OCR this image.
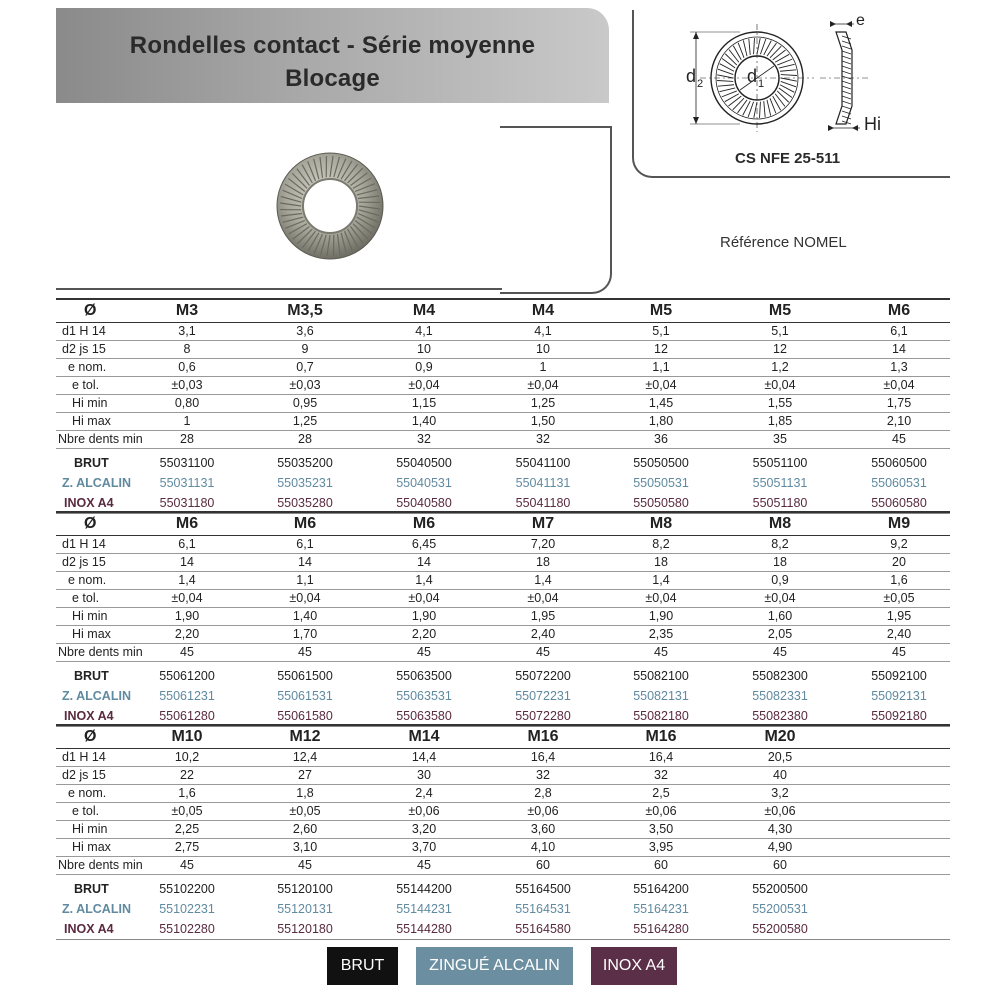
Rondelles contact - Série moyenne
Blocage	d 2 d 1
e
Hi
CS NFE 25-511
Référence NOMEL
Ø	M3	M3,5	M4	M4	M5	M5	M6
d1 H 14	3,1	3,6	4,1	4,1	5,1	5,1	6,1
d2 js 15	8	9	10	10	12	12	14
e nom.	0,6	0,7	0,9	1	1,1	1,2	1,3
e tol.	±0,03	±0,03	±0,04	±0,04	±0,04	±0,04	±0,04
Hi min	0,80	0,95	1,15	1,25	1,45	1,55	1,75
Hi max	1	1,25	1,40	1,50	1,80	1,85	2,10
Nbre dents min	28	28	32	32	36	35	45
BRUT	55031100	55035200	55040500	55041100	55050500	55051100	55060500
Z. ALCALIN	55031131	55035231	55040531	55041131	55050531	55051131	55060531
INOX A4	55031180	55035280	55040580	55041180	55050580	55051180	55060580
Ø	M6	M6	M6	M7	M8	M8	M9
d1 H 14	6,1	6,1	6,45	7,20	8,2	8,2	9,2
d2 js 15	14	14	14	18	18	18	20
e nom.	1,4	1,1	1,4	1,4	1,4	0,9	1,6
e tol.	±0,04	±0,04	±0,04	±0,04	±0,04	±0,04	±0,05
Hi min	1,90	1,40	1,90	1,95	1,90	1,60	1,95
Hi max	2,20	1,70	2,20	2,40	2,35	2,05	2,40
Nbre dents min	45	45	45	45	45	45	45
BRUT	55061200	55061500	55063500	55072200	55082100	55082300	55092100
Z. ALCALIN	55061231	55061531	55063531	55072231	55082131	55082331	55092131
INOX A4	55061280	55061580	55063580	55072280	55082180	55082380	55092180
Ø	M10	M12	M14	M16	M16	M20
d1 H 14	10,2	12,4	14,4	16,4	16,4	20,5
d2 js 15	22	27	30	32	32	40
e nom.	1,6	1,8	2,4	2,8	2,5	3,2
e tol.	±0,05	±0,05	±0,06	±0,06	±0,06	±0,06
Hi min	2,25	2,60	3,20	3,60	3,50	4,30
Hi max	2,75	3,10	3,70	4,10	3,95	4,90
Nbre dents min	45	45	45	60	60	60
BRUT	55102200	55120100	55144200	55164500	55164200	55200500
Z. ALCALIN	55102231	55120131	55144231	55164531	55164231	55200531
INOX A4	55102280	55120180	55144280	55164580	55164280	55200580
BRUT	ZINGUÉ ALCALIN	INOX A4
